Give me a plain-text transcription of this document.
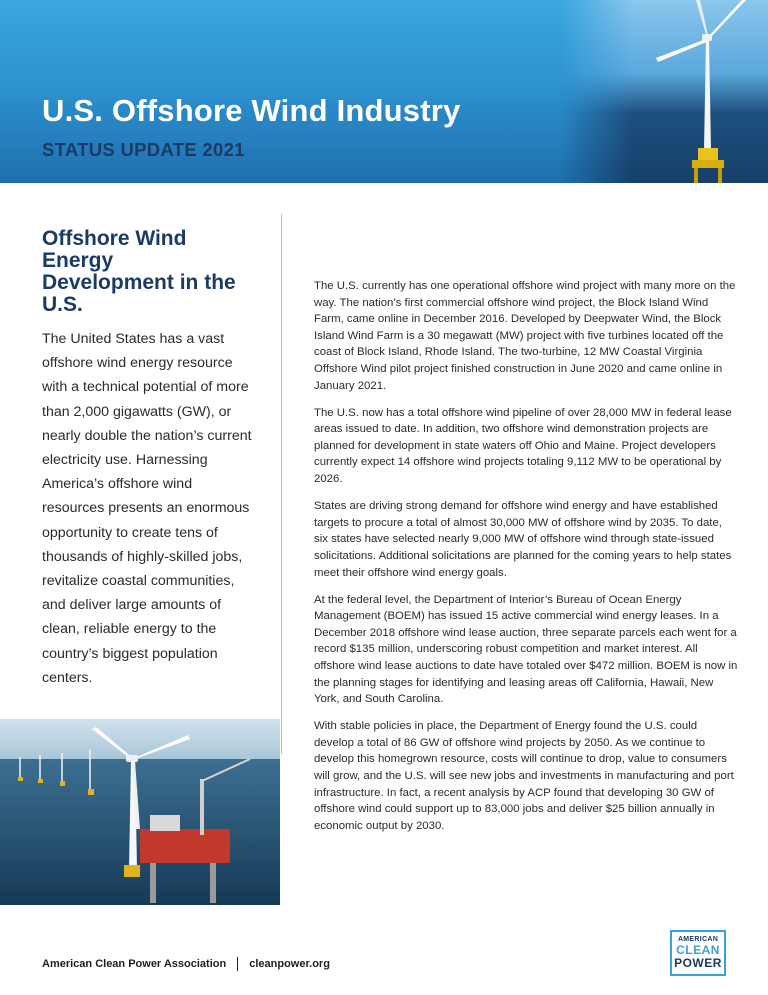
U.S. Offshore Wind Industry
STATUS UPDATE 2021
Offshore Wind Energy Development in the U.S.

The United States has a vast offshore wind energy resource with a technical potential of more than 2,000 gigawatts (GW), or nearly double the nation’s current electricity use. Harnessing America’s offshore wind resources presents an enormous opportunity to create tens of thousands of highly-skilled jobs, revitalize coastal communities, and deliver large amounts of clean, reliable energy to the country’s biggest population centers.

The U.S. currently has one operational offshore wind project with many more on the way. The nation’s first commercial offshore wind project, the Block Island Wind Farm, came online in December 2016. Developed by Deepwater Wind, the Block Island Wind Farm is a 30 megawatt (MW) project with five turbines located off the coast of Block Island, Rhode Island. The two-turbine, 12 MW Coastal Virginia Offshore Wind pilot project finished construction in June 2020 and came online in January 2021.

The U.S. now has a total offshore wind pipeline of over 28,000 MW in federal lease areas issued to date. In addition, two offshore wind demonstration projects are planned for development in state waters off Ohio and Maine. Project developers currently expect 14 offshore wind projects totaling 9,112 MW to be operational by 2026.

States are driving strong demand for offshore wind energy and have established targets to procure a total of almost 30,000 MW of offshore wind by 2035. To date, six states have selected nearly 9,000 MW of offshore wind through state-issued solicitations. Additional solicitations are planned for the coming years to help states meet their offshore wind energy goals.

At the federal level, the Department of Interior’s Bureau of Ocean Energy Management (BOEM) has issued 15 active commercial wind energy leases. In a December 2018 offshore wind lease auction, three separate parcels each went for a record $135 million, underscoring robust competition and market interest. All offshore wind lease auctions to date have totaled over $472 million. BOEM is now in the planning stages for identifying and leasing areas off California, Hawaii, New York, and South Carolina.

With stable policies in place, the Department of Energy found the U.S. could develop a total of 86 GW of offshore wind projects by 2050. As we continue to develop this homegrown resource, costs will continue to drop, value to consumers will grow, and the U.S. will see new jobs and investments in manufacturing and port infrastructure. In fact, a recent analysis by ACP found that developing 30 GW of offshore wind could support up to 83,000 jobs and deliver $25 billion annually in economic output by 2030.

American Clean Power Association cleanpower.org
AMERICAN
CLEAN
POWER
